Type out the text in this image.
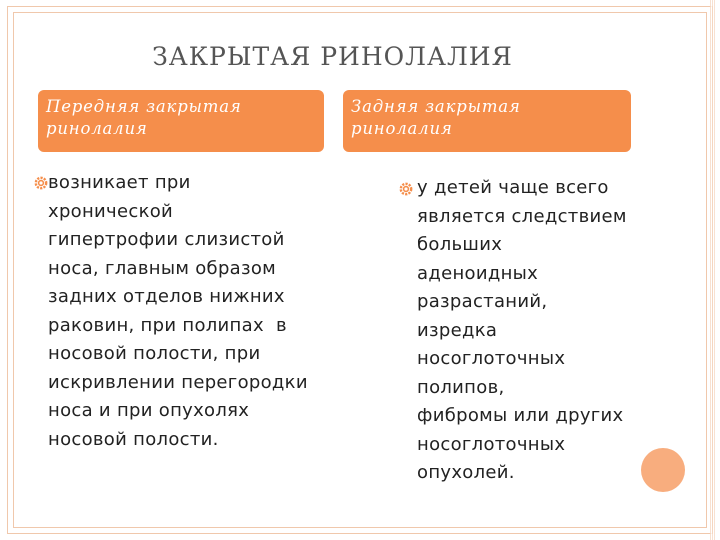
ЗАКРЫТАЯ РИНОЛАЛИЯ
Передняя закрытая ринолалия
Задняя закрытая ринолалия
возникает при
хронической
гипертрофии слизистой
носа, главным образом
задних отделов нижних
раковин, при полипах  в
носовой полости, при
искривлении перегородки
носа и при опухолях
носовой полости.
у детей чаще всего
является следствием
больших
аденоидных
разрастаний,
изредка
носоглоточных
полипов,
фибромы или других
носоглоточных
опухолей.
